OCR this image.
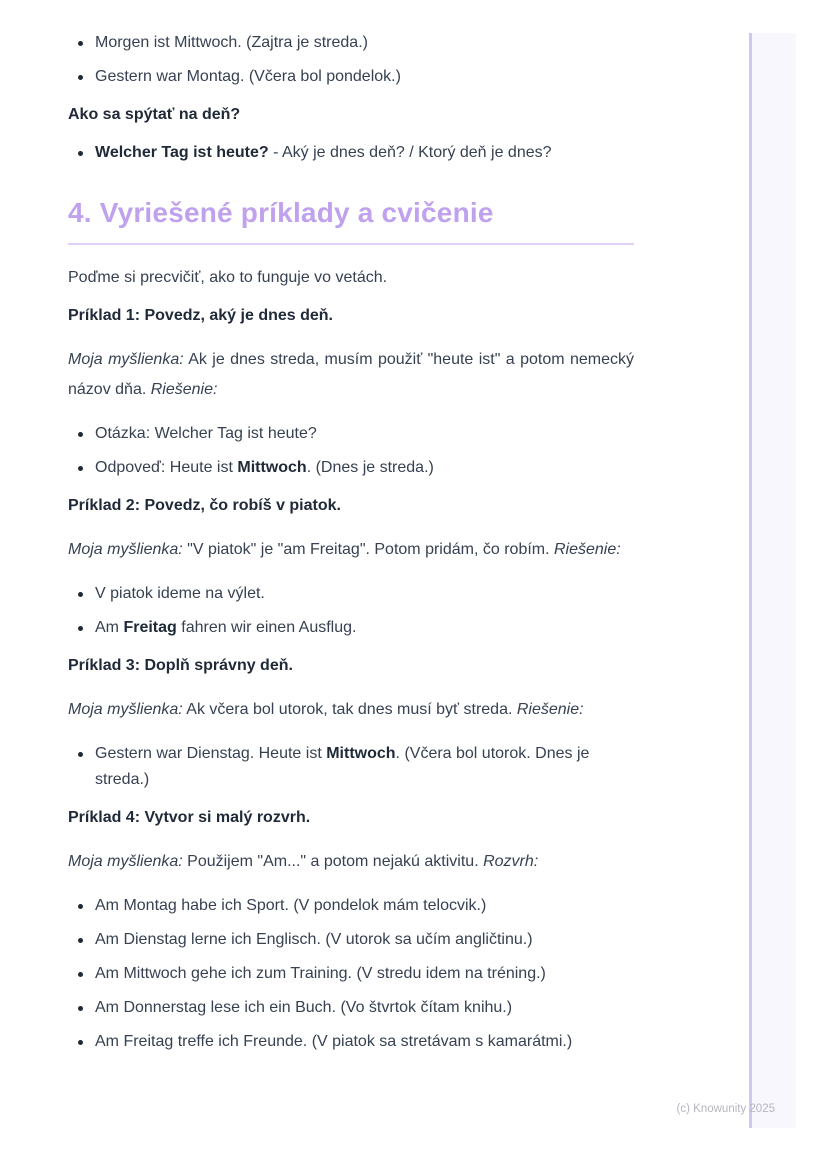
Morgen ist Mittwoch. (Zajtra je streda.)
Gestern war Montag. (Včera bol pondelok.)
Ako sa spýtať na deň?
Welcher Tag ist heute? - Aký je dnes deň? / Ktorý deň je dnes?
4. Vyriešené príklady a cvičenie

Poďme si precvičiť, ako to funguje vo vetách.

Príklad 1: Povedz, aký je dnes deň.

Moja myšlienka: Ak je dnes streda, musím použiť "heute ist" a potom nemecký názov dňa. Riešenie:

Otázka: Welcher Tag ist heute?
Odpoveď: Heute ist Mittwoch. (Dnes je streda.)
Príklad 2: Povedz, čo robíš v piatok.

Moja myšlienka: "V piatok" je "am Freitag". Potom pridám, čo robím. Riešenie:

V piatok ideme na výlet.
Am Freitag fahren wir einen Ausflug.
Príklad 3: Doplň správny deň.

Moja myšlienka: Ak včera bol utorok, tak dnes musí byť streda. Riešenie:

Gestern war Dienstag. Heute ist Mittwoch. (Včera bol utorok. Dnes je streda.)
Príklad 4: Vytvor si malý rozvrh.

Moja myšlienka: Použijem "Am..." a potom nejakú aktivitu. Rozvrh:

Am Montag habe ich Sport. (V pondelok mám telocvik.)
Am Dienstag lerne ich Englisch. (V utorok sa učím angličtinu.)
Am Mittwoch gehe ich zum Training. (V stredu idem na tréning.)
Am Donnerstag lese ich ein Buch. (Vo štvrtok čítam knihu.)
Am Freitag treffe ich Freunde. (V piatok sa stretávam s kamarátmi.)
(c) Knowunity 2025
